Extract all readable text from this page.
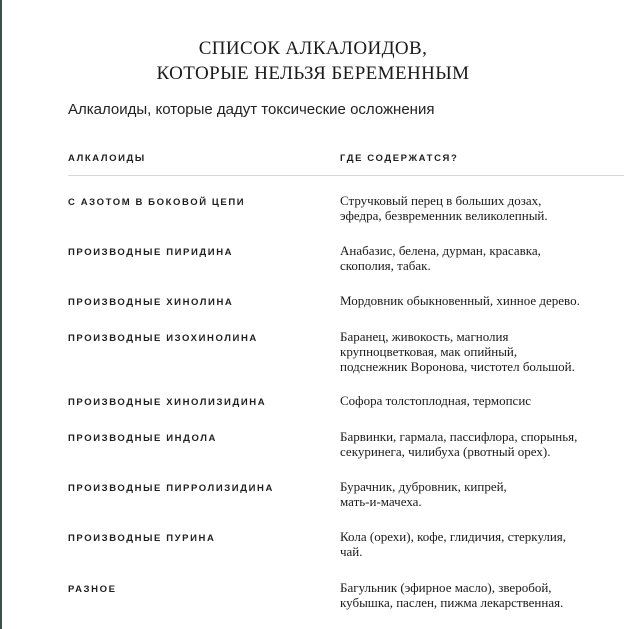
СПИСОК АЛКАЛОИДОВ,
КОТОРЫЕ НЕЛЬЗЯ БЕРЕМЕННЫМ

Алкалоиды, которые дадут токсические осложнения

АЛКАЛОИДЫ	ГДЕ СОДЕРЖАТСЯ?
С АЗОТОМ В БОКОВОЙ ЦЕПИ	Стручковый перец в больших дозах,
эфедра, безвременник великолепный.
ПРОИЗВОДНЫЕ ПИРИДИНА	Анабазис, белена, дурман, красавка,
скополия, табак.
ПРОИЗВОДНЫЕ ХИНОЛИНА	Мордовник обыкновенный, хинное дерево.
ПРОИЗВОДНЫЕ ИЗОХИНОЛИНА	Баранец, живокость, магнолия
крупноцветковая, мак опийный,
подснежник Воронова, чистотел большой.
ПРОИЗВОДНЫЕ ХИНОЛИЗИДИНА	Софора толстоплодная, термопсис
ПРОИЗВОДНЫЕ ИНДОЛА	Барвинки, гармала, пассифлора, спорынья,
секуринега, чилибуха (рвотный орех).
ПРОИЗВОДНЫЕ ПИРРОЛИЗИДИНА	Бурачник, дубровник, кипрей,
мать-и-мачеха.
ПРОИЗВОДНЫЕ ПУРИНА	Кола (орехи), кофе, глидичия, стеркулия,
чай.
РАЗНОЕ	Багульник (эфирное масло), зверобой,
кубышка, паслен, пижма лекарственная.
